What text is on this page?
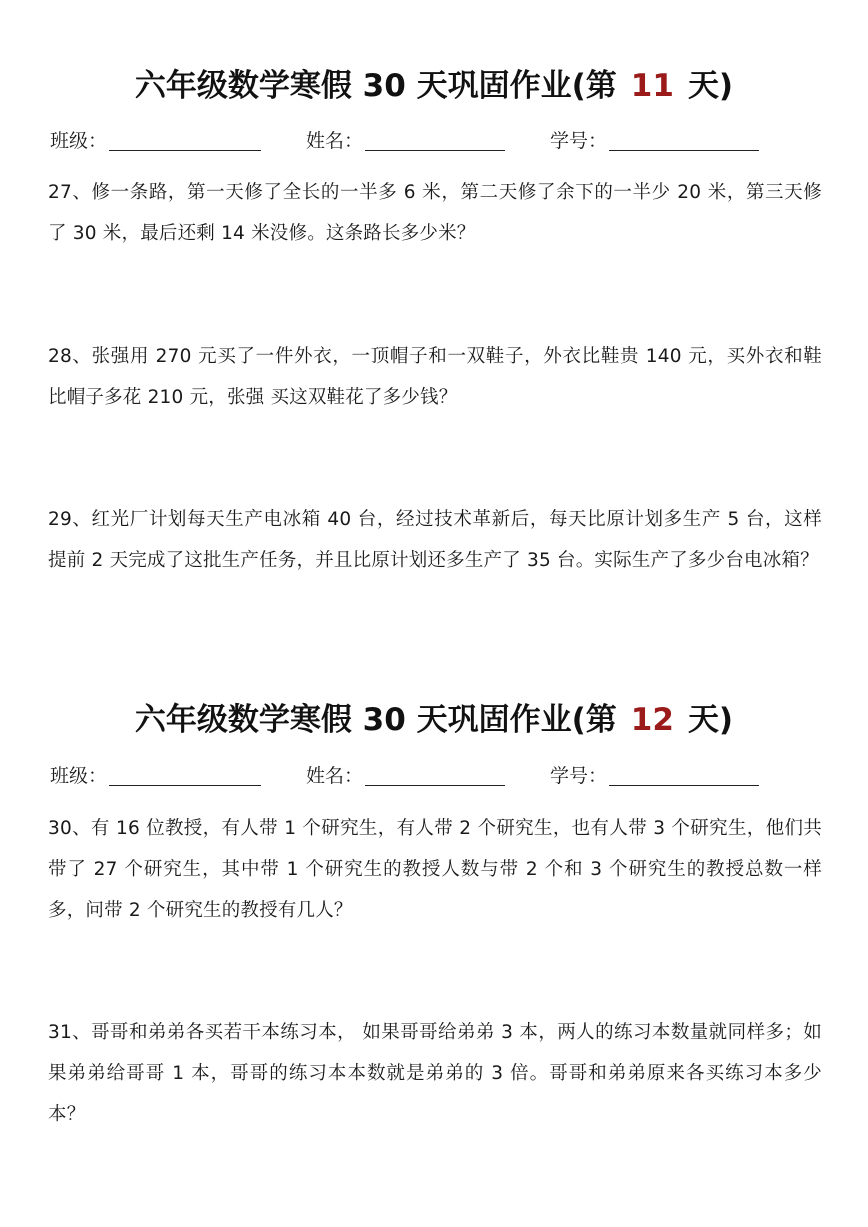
六年级数学寒假 30 天巩固作业(第 11 天)
班级：	姓名：	学号：
27、修一条路，第一天修了全长的一半多 6 米，第二天修了余下的一半少 20 米，第三天修了 30 米，最后还剩 14 米没修。这条路长多少米？
28、张强用 270 元买了一件外衣，一顶帽子和一双鞋子，外衣比鞋贵 140 元，买外衣和鞋比帽子多花 210 元，张强 买这双鞋花了多少钱？
29、红光厂计划每天生产电冰箱 40 台，经过技术革新后，每天比原计划多生产 5 台，这样提前 2 天完成了这批生产任务，并且比原计划还多生产了 35 台。实际生产了多少台电冰箱？
六年级数学寒假 30 天巩固作业(第 12 天)
班级：	姓名：	学号：
30、有 16 位教授，有人带 1 个研究生，有人带 2 个研究生，也有人带 3 个研究生，他们共带了 27 个研究生，其中带 1 个研究生的教授人数与带 2 个和 3 个研究生的教授总数一样多，问带 2 个研究生的教授有几人？
31、哥哥和弟弟各买若干本练习本， 如果哥哥给弟弟 3 本，两人的练习本数量就同样多；如果弟弟给哥哥 1 本，哥哥的练习本本数就是弟弟的 3 倍。哥哥和弟弟原来各买练习本多少本？
